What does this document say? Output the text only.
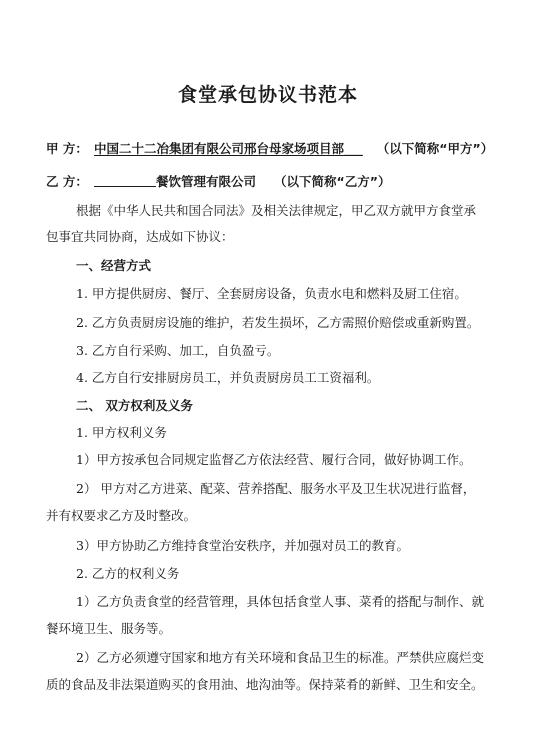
食堂承包协议书范本
甲 方： 中国二十二冶集团有限公司邢台母家场项目部___ （以下简称“甲方”）
乙 方：	餐饮管理有限公司 （以下简称“乙方”）
根据《中华人民共和国合同法》及相关法律规定，甲乙双方就甲方食堂承
包事宜共同协商，达成如下协议：
一、经营方式
1. 甲方提供厨房、餐厅、全套厨房设备，负责水电和燃料及厨工住宿。
2. 乙方负责厨房设施的维护，若发生损坏，乙方需照价赔偿或重新购置。
3. 乙方自行采购、加工，自负盈亏。
4. 乙方自行安排厨房员工，并负责厨房员工工资福利。
二、 双方权利及义务
1. 甲方权利义务
1）甲方按承包合同规定监督乙方依法经营、履行合同，做好协调工作。
2） 甲方对乙方进菜、配菜、营养搭配、服务水平及卫生状况进行监督，
并有权要求乙方及时整改。
3）甲方协助乙方维持食堂治安秩序，并加强对员工的教育。
2. 乙方的权利义务
1）乙方负责食堂的经营管理，具体包括食堂人事、菜肴的搭配与制作、就
餐环境卫生、服务等。
2）乙方必须遵守国家和地方有关环境和食品卫生的标准。严禁供应腐烂变
质的食品及非法渠道购买的食用油、地沟油等。保持菜肴的新鲜、卫生和安全。
